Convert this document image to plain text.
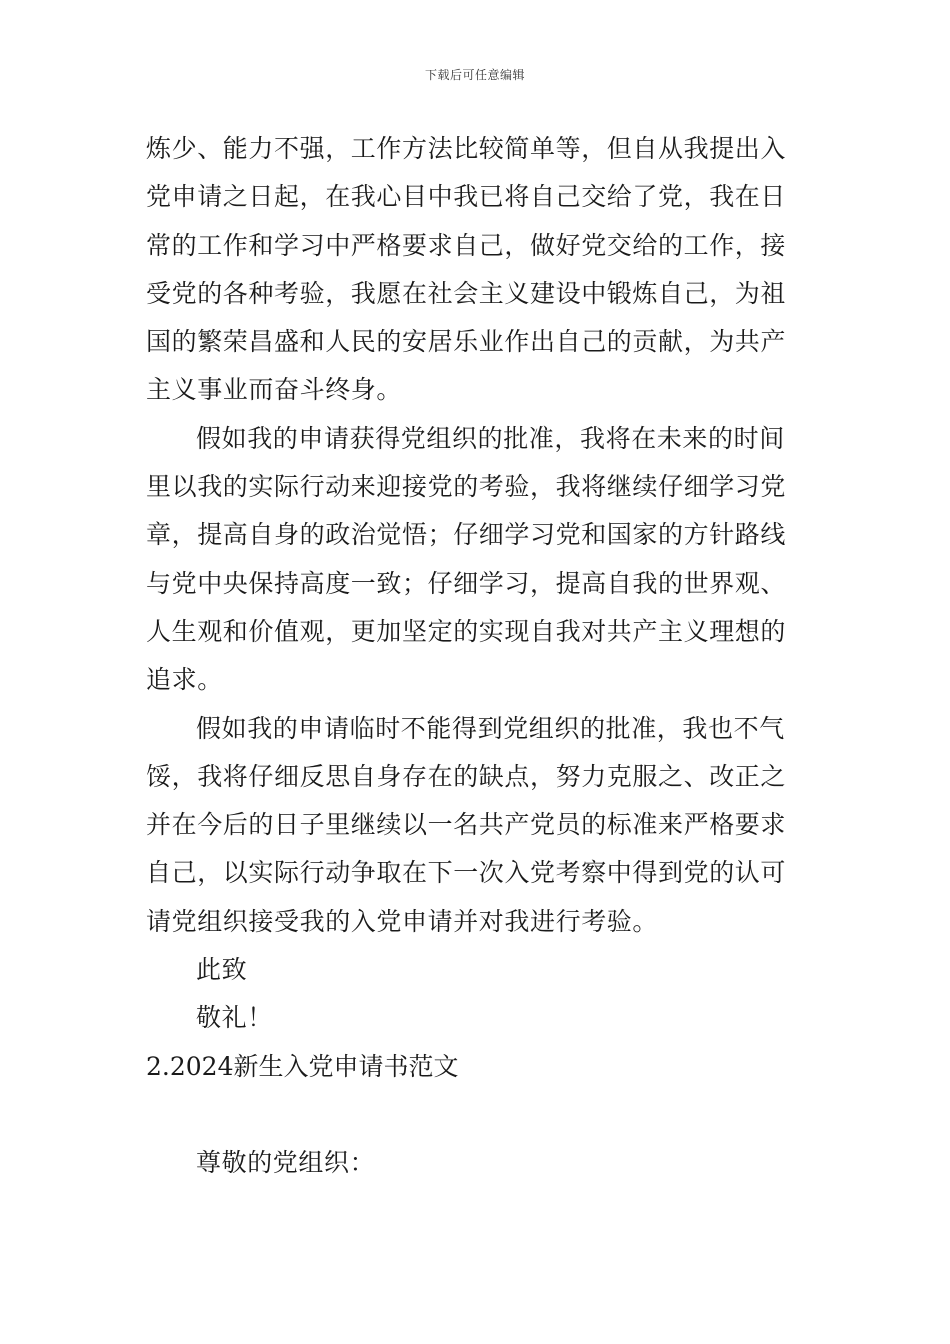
下载后可任意编辑
炼少、能力不强，工作方法比较简单等，但自从我提出入
党申请之日起，在我心目中我已将自己交给了党，我在日
常的工作和学习中严格要求自己，做好党交给的工作，接
受党的各种考验，我愿在社会主义建设中锻炼自己，为祖
国的繁荣昌盛和人民的安居乐业作出自己的贡献，为共产
主义事业而奋斗终身。
假如我的申请获得党组织的批准，我将在未来的时间
里以我的实际行动来迎接党的考验，我将继续仔细学习党
章，提高自身的政治觉悟；仔细学习党和国家的方针路线
与党中央保持高度一致；仔细学习，提高自我的世界观、
人生观和价值观，更加坚定的实现自我对共产主义理想的
追求。
假如我的申请临时不能得到党组织的批准，我也不气
馁，我将仔细反思自身存在的缺点，努力克服之、改正之
并在今后的日子里继续以一名共产党员的标准来严格要求
自己，以实际行动争取在下一次入党考察中得到党的认可
请党组织接受我的入党申请并对我进行考验。
此致
敬礼！
2.2024新生入党申请书范文
尊敬的党组织：
